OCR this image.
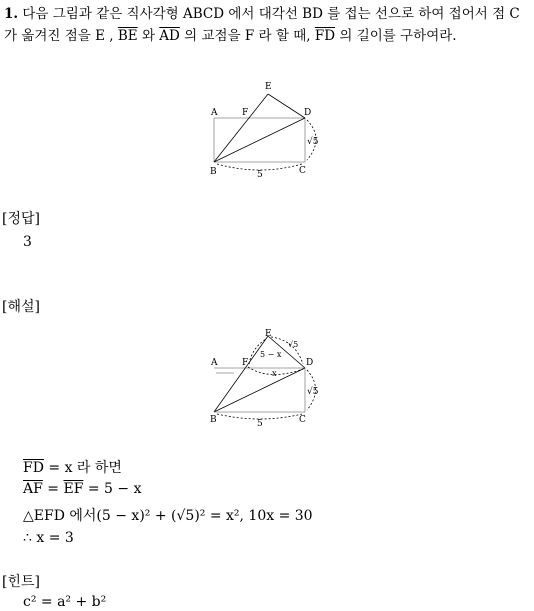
1. 다음 그림과 같은 직사각형 ABCD 에서 대각선 BD 를 접는 선으로 하여 접어서 점 C 가 옮겨진 점을 E , $\overline{BE}$ 와 $\overline{AD}$ 의 교점을 F 라 할 때, $\overline{FD}$ 의 길이를 구하여라.
A
E
D
F
B	C
5
√5
[정답]
3
[해설]
E
A	F	D
B	C
5 − x
x
√5
√5
5
$\overline{FD} = x$ 라 하면
$\overline{AF} = \overline{EF} = 5 - x$
△EFD 에서(5 − x)² + (√5)² = x², 10x = 30
∴ x = 3
[힌트]
c² = a² + b²
